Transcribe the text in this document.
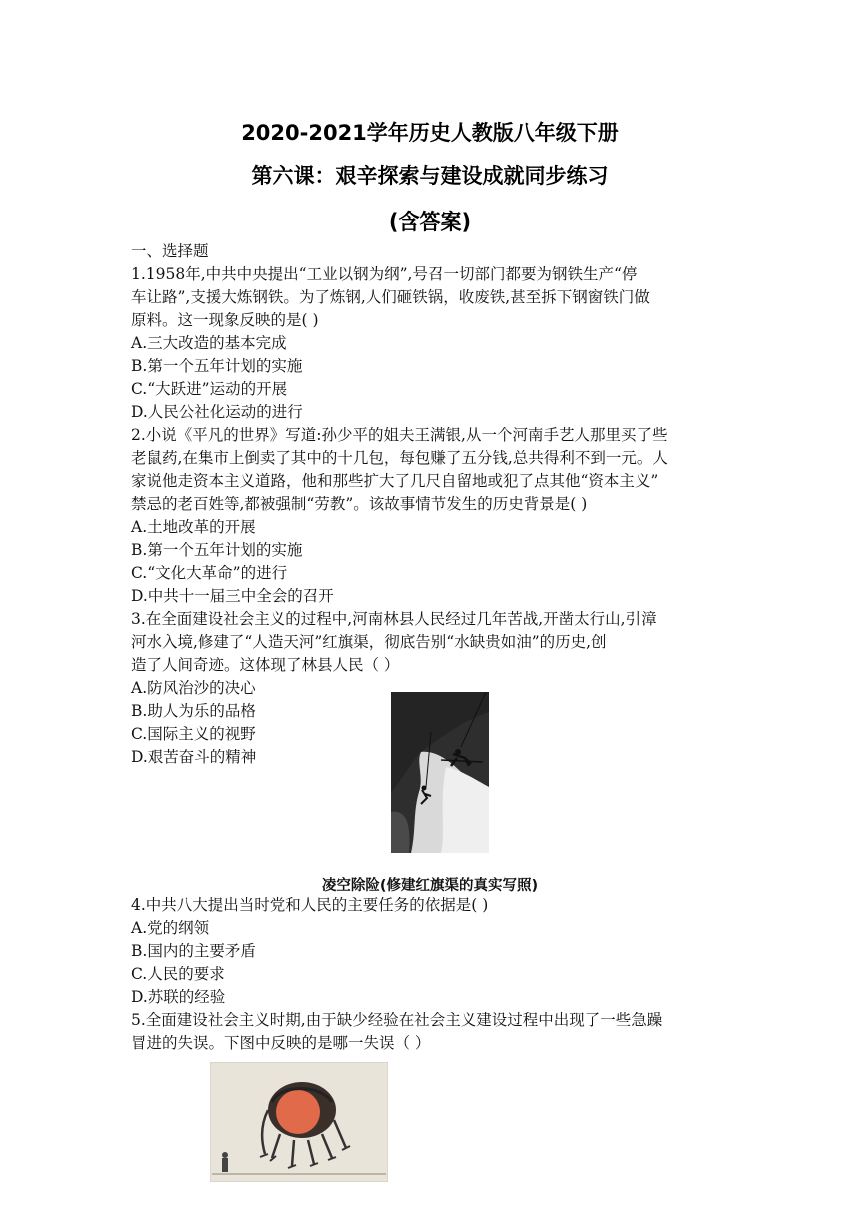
2020-2021学年历史人教版八年级下册
第六课：艰辛探索与建设成就同步练习
(含答案)
一、选择题
1.1958年,中共中央提出“工业以钢为纲”,号召一切部门都要为钢铁生产“停
车让路”,支援大炼钢铁。为了炼钢,人们砸铁锅，收废铁,甚至拆下钢窗铁门做
原料。这一现象反映的是( )
A.三大改造的基本完成
B.第一个五年计划的实施
C.“大跃进”运动的开展
D.人民公社化运动的进行
2.小说《平凡的世界》写道:孙少平的姐夫王满银,从一个河南手艺人那里买了些
老鼠药,在集市上倒卖了其中的十几包，每包赚了五分钱,总共得利不到一元。人
家说他走资本主义道路，他和那些扩大了几尺自留地或犯了点其他“资本主义”
禁忌的老百姓等,都被强制“劳教”。该故事情节发生的历史背景是( )
A.土地改革的开展
B.第一个五年计划的实施
C.“文化大革命”的进行
D.中共十一届三中全会的召开
3.在全面建设社会主义的过程中,河南林县人民经过几年苦战,开凿太行山,引漳
河水入境,修建了“人造天河”红旗渠，彻底告别“水缺贵如油”的历史,创
造了人间奇迹。这体现了林县人民（ ）
A.防风治沙的决心
B.助人为乐的品格
C.国际主义的视野
D.艰苦奋斗的精神
凌空除险(修建红旗渠的真实写照)
4.中共八大提出当时党和人民的主要任务的依据是( )
A.党的纲领
B.国内的主要矛盾
C.人民的要求
D.苏联的经验
5.全面建设社会主义时期,由于缺少经验在社会主义建设过程中出现了一些急躁
冒进的失误。下图中反映的是哪一失误（ ）
